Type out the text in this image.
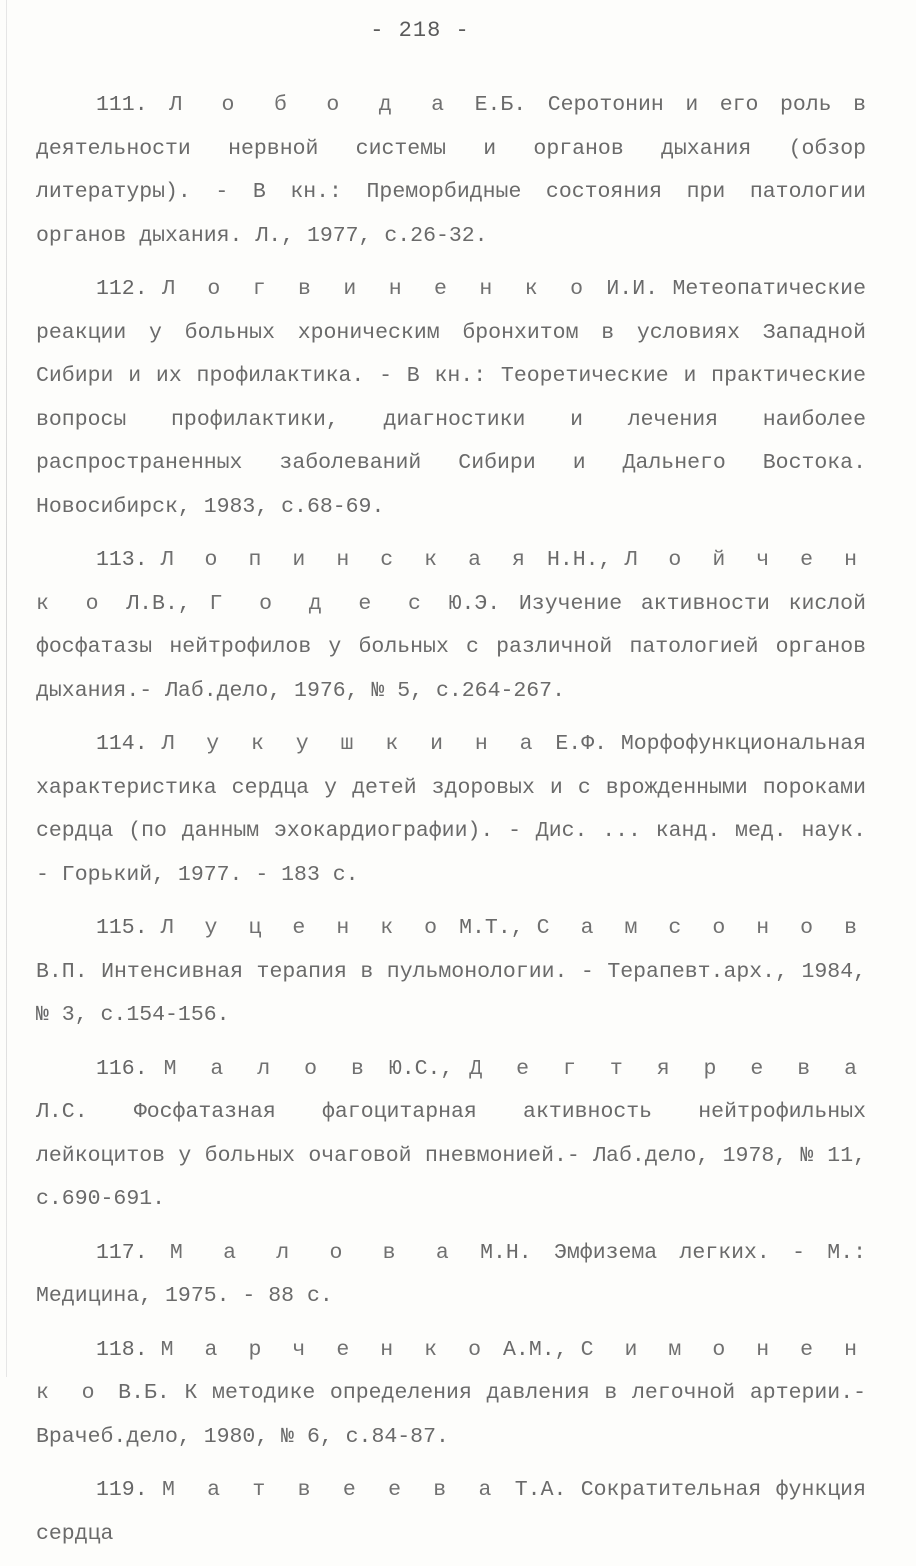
- 218 -

111. Л о б о д а Е.Б. Серотонин и его роль в деятельности нервной системы и органов дыхания (обзор литературы). - В кн.: Преморбидные состояния при патологии органов дыхания. Л., 1977, с.26-32.

112. Л о г в и н е н к о И.И. Метеопатические реакции у больных хроническим бронхитом в условиях Западной Сибири и их профилактика. - В кн.: Теоретические и практические вопросы профилактики, диагностики и лечения наиболее распространенных заболеваний Сибири и Дальнего Востока. Новосибирск, 1983, с.68-69.

113. Л о п и н с к а я Н.Н., Л о й ч е н к о Л.В., Г о д е с Ю.Э. Изучение активности кислой фосфатазы нейтрофилов у больных с различной патологией органов дыхания.- Лаб.дело, 1976, № 5, с.264-267.

114. Л у к у ш к и н а Е.Ф. Морфофункциональная характеристика сердца у детей здоровых и с врожденными пороками сердца (по данным эхокардиографии). - Дис. ... канд. мед. наук. - Горький, 1977. - 183 с.

115. Л у ц е н к о М.Т., С а м с о н о в В.П. Интенсивная терапия в пульмонологии. - Терапевт.арх., 1984, № 3, с.154-156.

116. М а л о в Ю.С., Д е г т я р е в а Л.С. Фосфатазная фагоцитарная активность нейтрофильных лейкоцитов у больных очаговой пневмонией.- Лаб.дело, 1978, № 11, с.690-691.

117. М а л о в а М.Н. Эмфизема легких. - М.: Медицина, 1975. - 88 с.

118. М а р ч е н к о А.М., С и м о н е н к о В.Б. К методике определения давления в легочной артерии.- Врачеб.дело, 1980, № 6, с.84-87.

119. М а т в е е в а Т.А. Сократительная функция сердца
